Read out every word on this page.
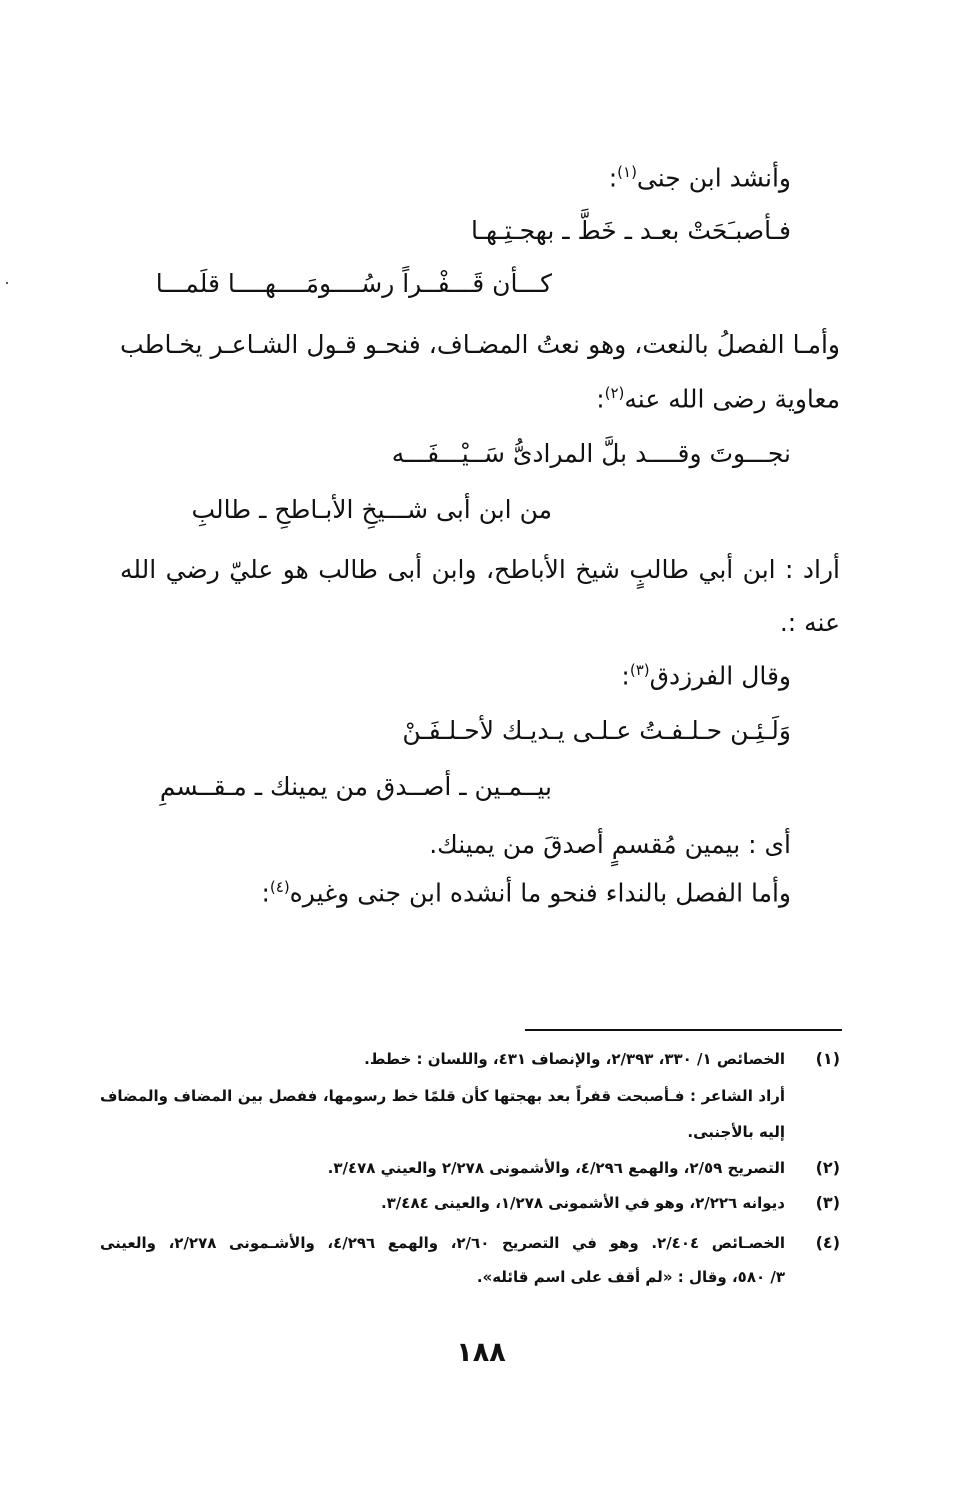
وأنشد ابن جنى$^{(١)}$:
فـأصبـَحَتْ بعـد ـ خَطَّ ـ بهجـتِـهـا
كـــأن قَـــفْــراً رسُــــومَــــهــــا قلَمـــا
وأمـا الفصلُ بالنعت، وهو نعتُ المضـاف، فنحـو قـول الشـاعـر يخـاطب
معاوية رضى الله عنه$^{(٢)}$:
نجـــوتَ وقــــد بلَّ المرادىُّ سَــيْـــفَـــه
من ابن أبى شـــيخِ الأبـاطحِ ـ طالبِ
أراد : ابن أبي طالبٍ شيخ الأباطح، وابن أبى طالب هو عليّ رضي الله
عنه :.
وقال الفرزدق$^{(٣)}$:
وَلَـئِـن حـلـفـتُ عـلـى يـديـك لأحـلـفَـنْ
بيــمـين ـ أصــدق من يمينك ـ مـقــسمِ
أى : بيمين مُقسمٍ أصدقَ من يمينك.
وأما الفصل بالنداء فنحو ما أنشده ابن جنى وغيره$^{(٤)}$:
(١)
الخصائص ١/ ٣٣٠، ٢/٣٩٣، والإنصاف ٤٣١، واللسان : خطط.
أراد الشاعر : فـأصبحت قفراً بعد بهجتها كأن قلمًا خط رسومها، ففصل بين المضاف والمضاف
إليه بالأجنبى.
(٢)
التصريح ٢/٥٩، والهمع ٤/٢٩٦، والأشمونى ٢/٢٧٨ والعيني ٣/٤٧٨.
(٣)
ديوانه ٢/٢٢٦، وهو في الأشمونى ١/٢٧٨، والعينى ٣/٤٨٤.
(٤)
الخصـائص ٢/٤٠٤. وهو في التصريح ٢/٦٠، والهمع ٤/٢٩٦، والأشـمونى ٢/٢٧٨، والعينى
٣/ ٥٨٠، وقال : «لم أقف على اسم قائله».
١٨٨
